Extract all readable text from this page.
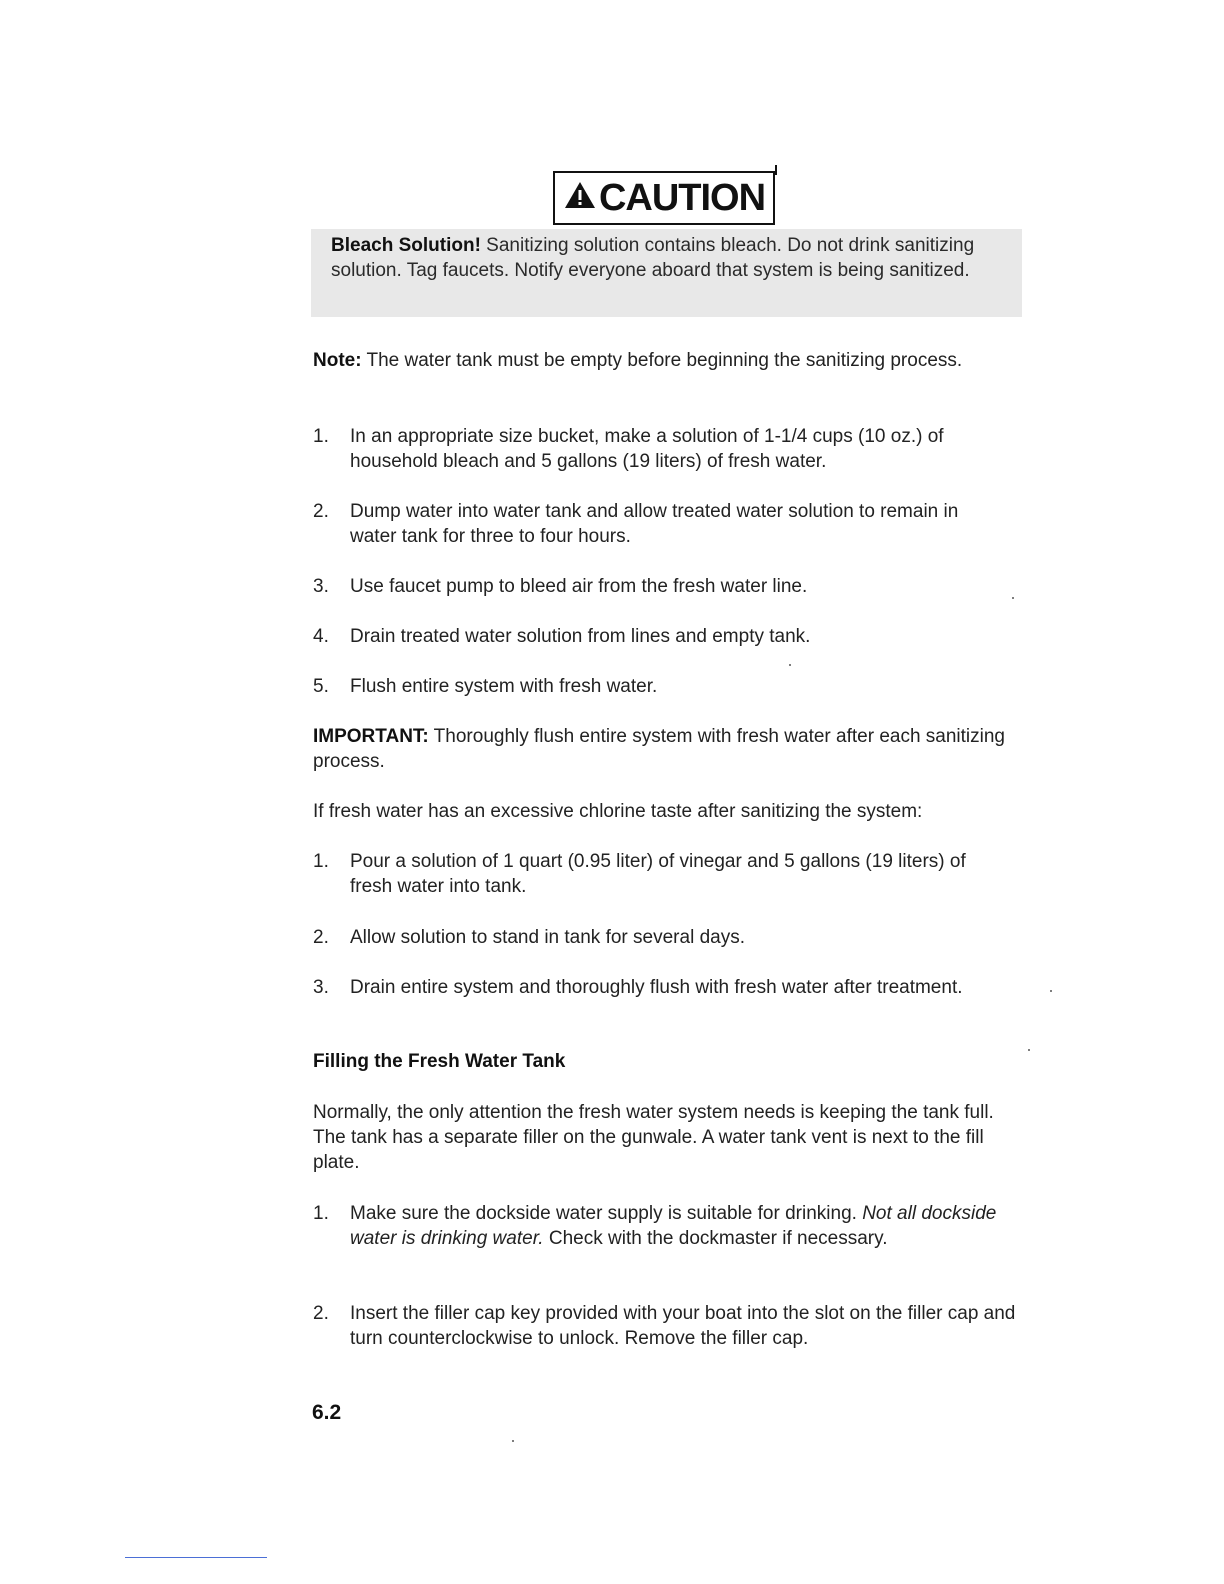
CAUTION
Bleach Solution! Sanitizing solution contains bleach. Do not drink sanitizing solution. Tag faucets. Notify everyone aboard that system is being sanitized.
Note: The water tank must be empty before beginning the sanitizing process.
1. In an appropriate size bucket, make a solution of 1-1/4 cups (10 oz.) of household bleach and 5 gallons (19 liters) of fresh water.
2. Dump water into water tank and allow treated water solution to remain in water tank for three to four hours.
3. Use faucet pump to bleed air from the fresh water line.
4. Drain treated water solution from lines and empty tank.
5. Flush entire system with fresh water.
IMPORTANT: Thoroughly flush entire system with fresh water after each sanitizing process.
If fresh water has an excessive chlorine taste after sanitizing the system:
1. Pour a solution of 1 quart (0.95 liter) of vinegar and 5 gallons (19 liters) of fresh water into tank.
2. Allow solution to stand in tank for several days.
3. Drain entire system and thoroughly flush with fresh water after treatment.
Filling the Fresh Water Tank
Normally, the only attention the fresh water system needs is keeping the tank full. The tank has a separate filler on the gunwale. A water tank vent is next to the fill plate.
1. Make sure the dockside water supply is suitable for drinking. Not all dockside water is drinking water. Check with the dockmaster if necessary.
2. Insert the filler cap key provided with your boat into the slot on the filler cap and turn counterclockwise to unlock. Remove the filler cap.
6.2
